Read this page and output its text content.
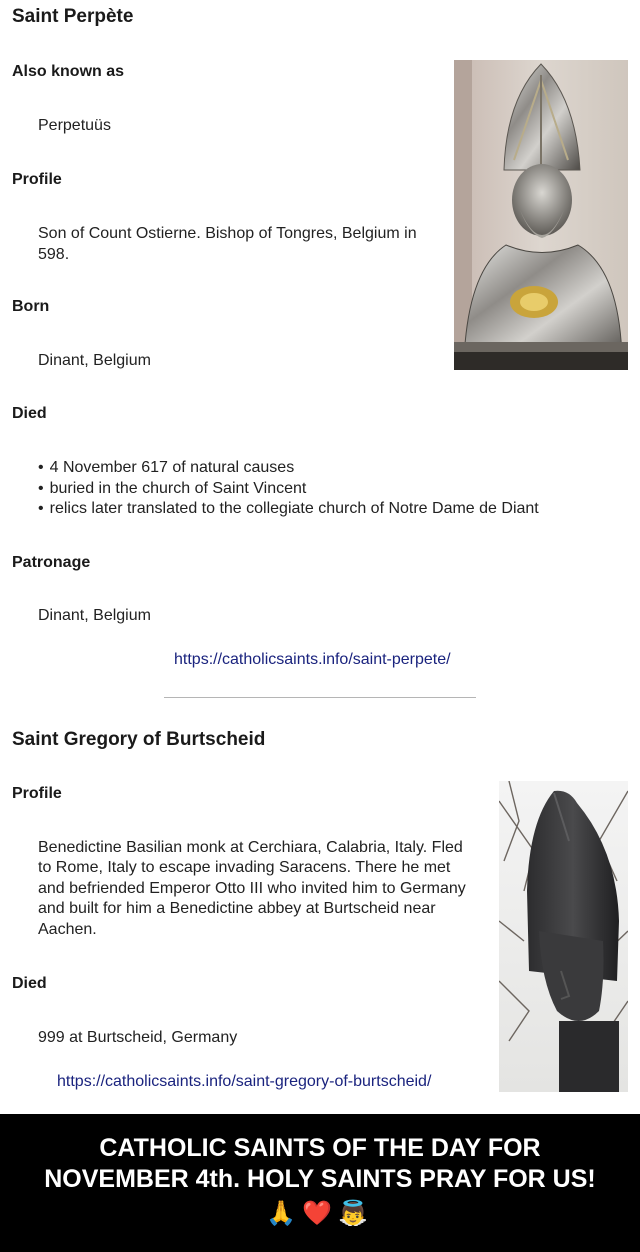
Saint Perpète
Also known as
Perpetuüs
Profile
Son of Count Ostierne. Bishop of Tongres, Belgium in
598.
Born
Dinant, Belgium
Died
• 4 November 617 of natural causes
• buried in the church of Saint Vincent
• relics later translated to the collegiate church of Notre Dame de Diant
Patronage
Dinant, Belgium
https://catholicsaints.info/saint-perpete/
Saint Gregory of Burtscheid
Profile
Benedictine Basilian monk at Cerchiara, Calabria, Italy. Fled
to Rome, Italy to escape invading Saracens. There he met
and befriended Emperor Otto III who invited him to Germany
and built for him a Benedictine abbey at Burtscheid near
Aachen.
Died
999 at Burtscheid, Germany
https://catholicsaints.info/saint-gregory-of-burtscheid/
CATHOLIC SAINTS OF THE DAY FOR
NOVEMBER 4th. HOLY SAINTS PRAY FOR US!
🙏❤️👼
